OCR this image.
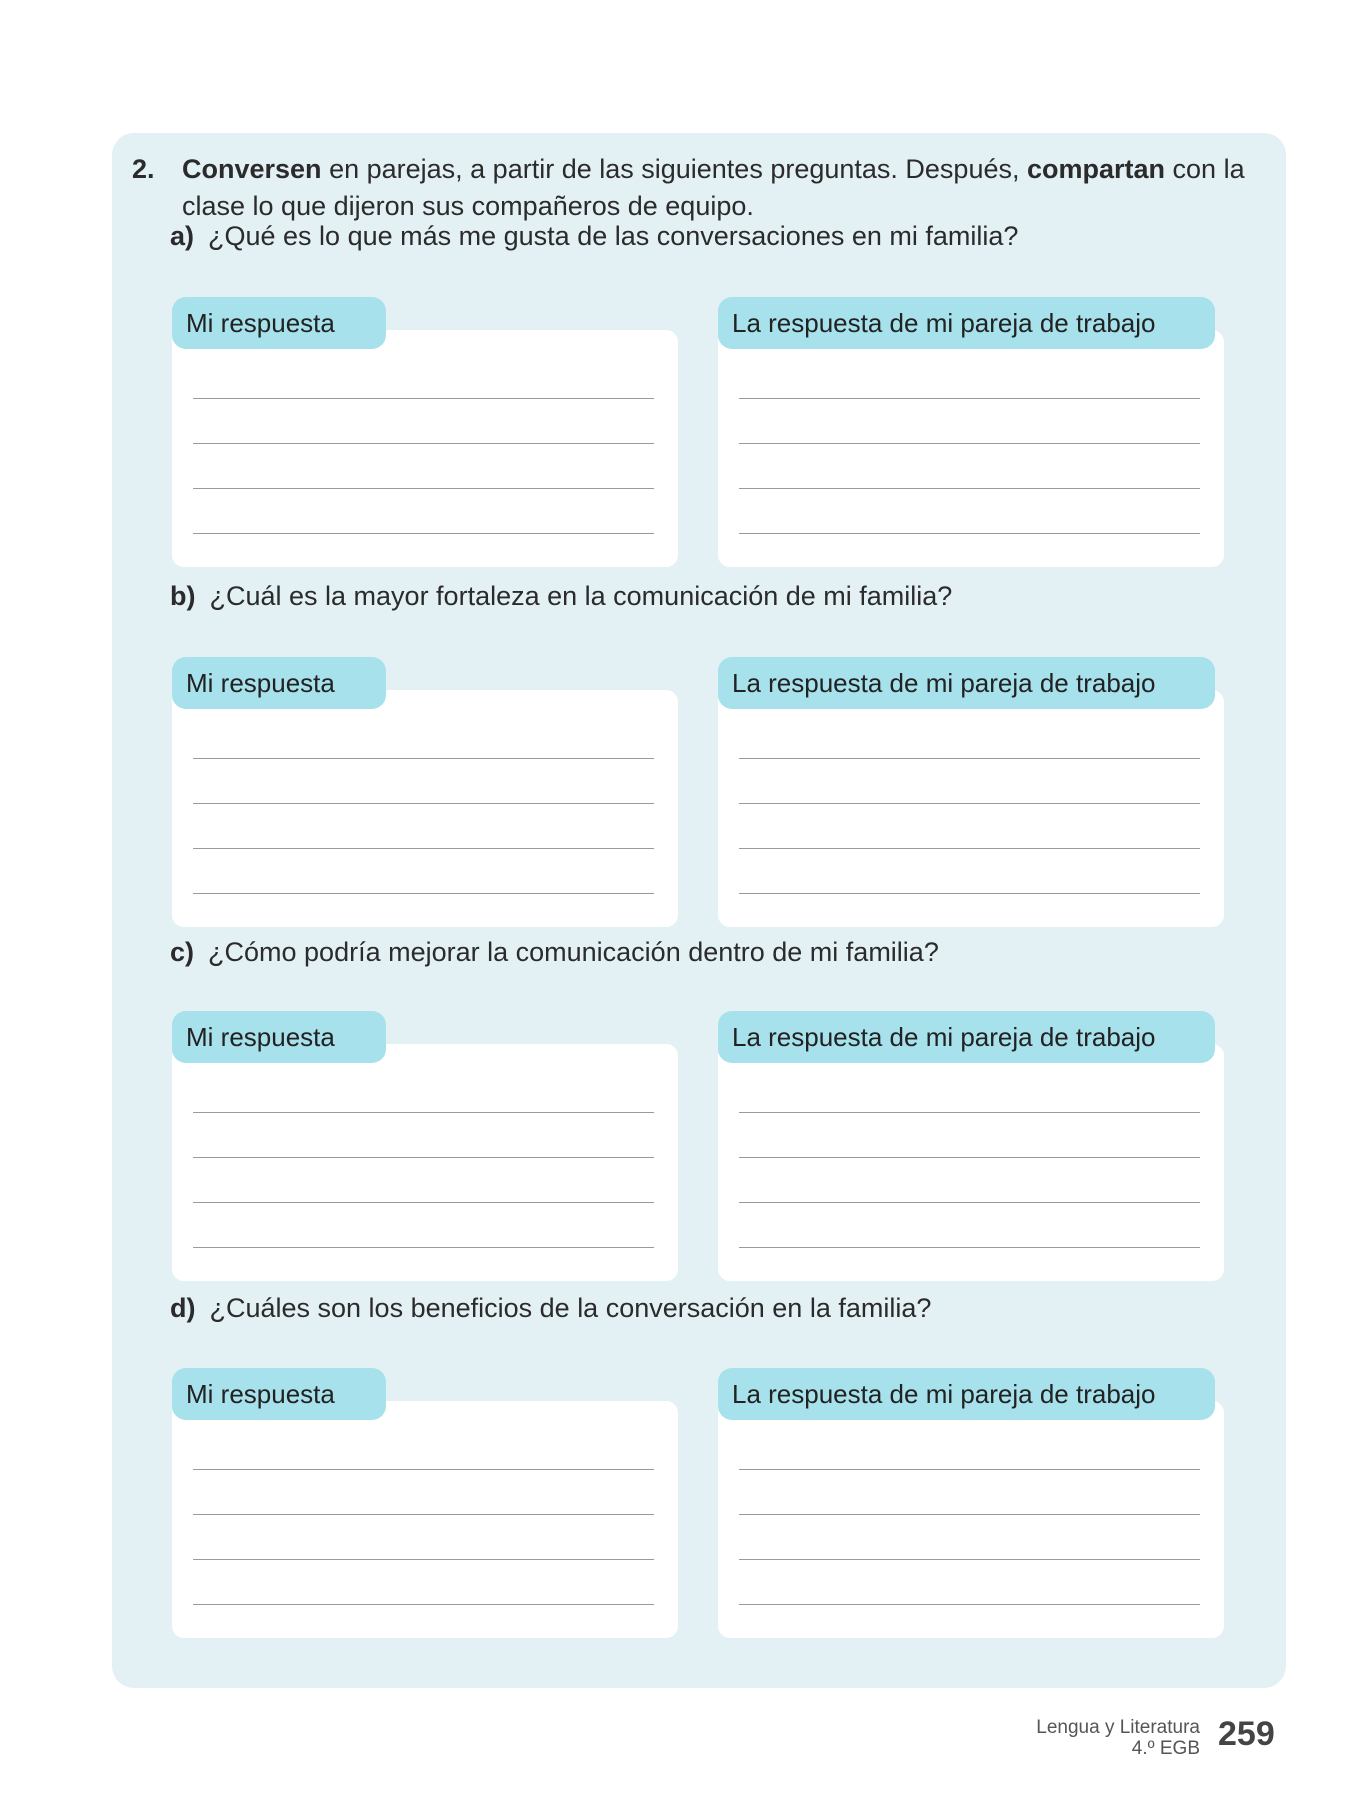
2. Conversen en parejas, a partir de las siguientes preguntas. Después, compartan con la clase lo que dijeron sus compañeros de equipo.
a) ¿Qué es lo que más me gusta de las conversaciones en mi familia?
Mi respuesta	La respuesta de mi pareja de trabajo
b) ¿Cuál es la mayor fortaleza en la comunicación de mi familia?
Mi respuesta	La respuesta de mi pareja de trabajo
c) ¿Cómo podría mejorar la comunicación dentro de mi familia?
Mi respuesta	La respuesta de mi pareja de trabajo
d) ¿Cuáles son los beneficios de la conversación en la familia?
Mi respuesta	La respuesta de mi pareja de trabajo
Lengua y Literatura
4.º EGB 259
